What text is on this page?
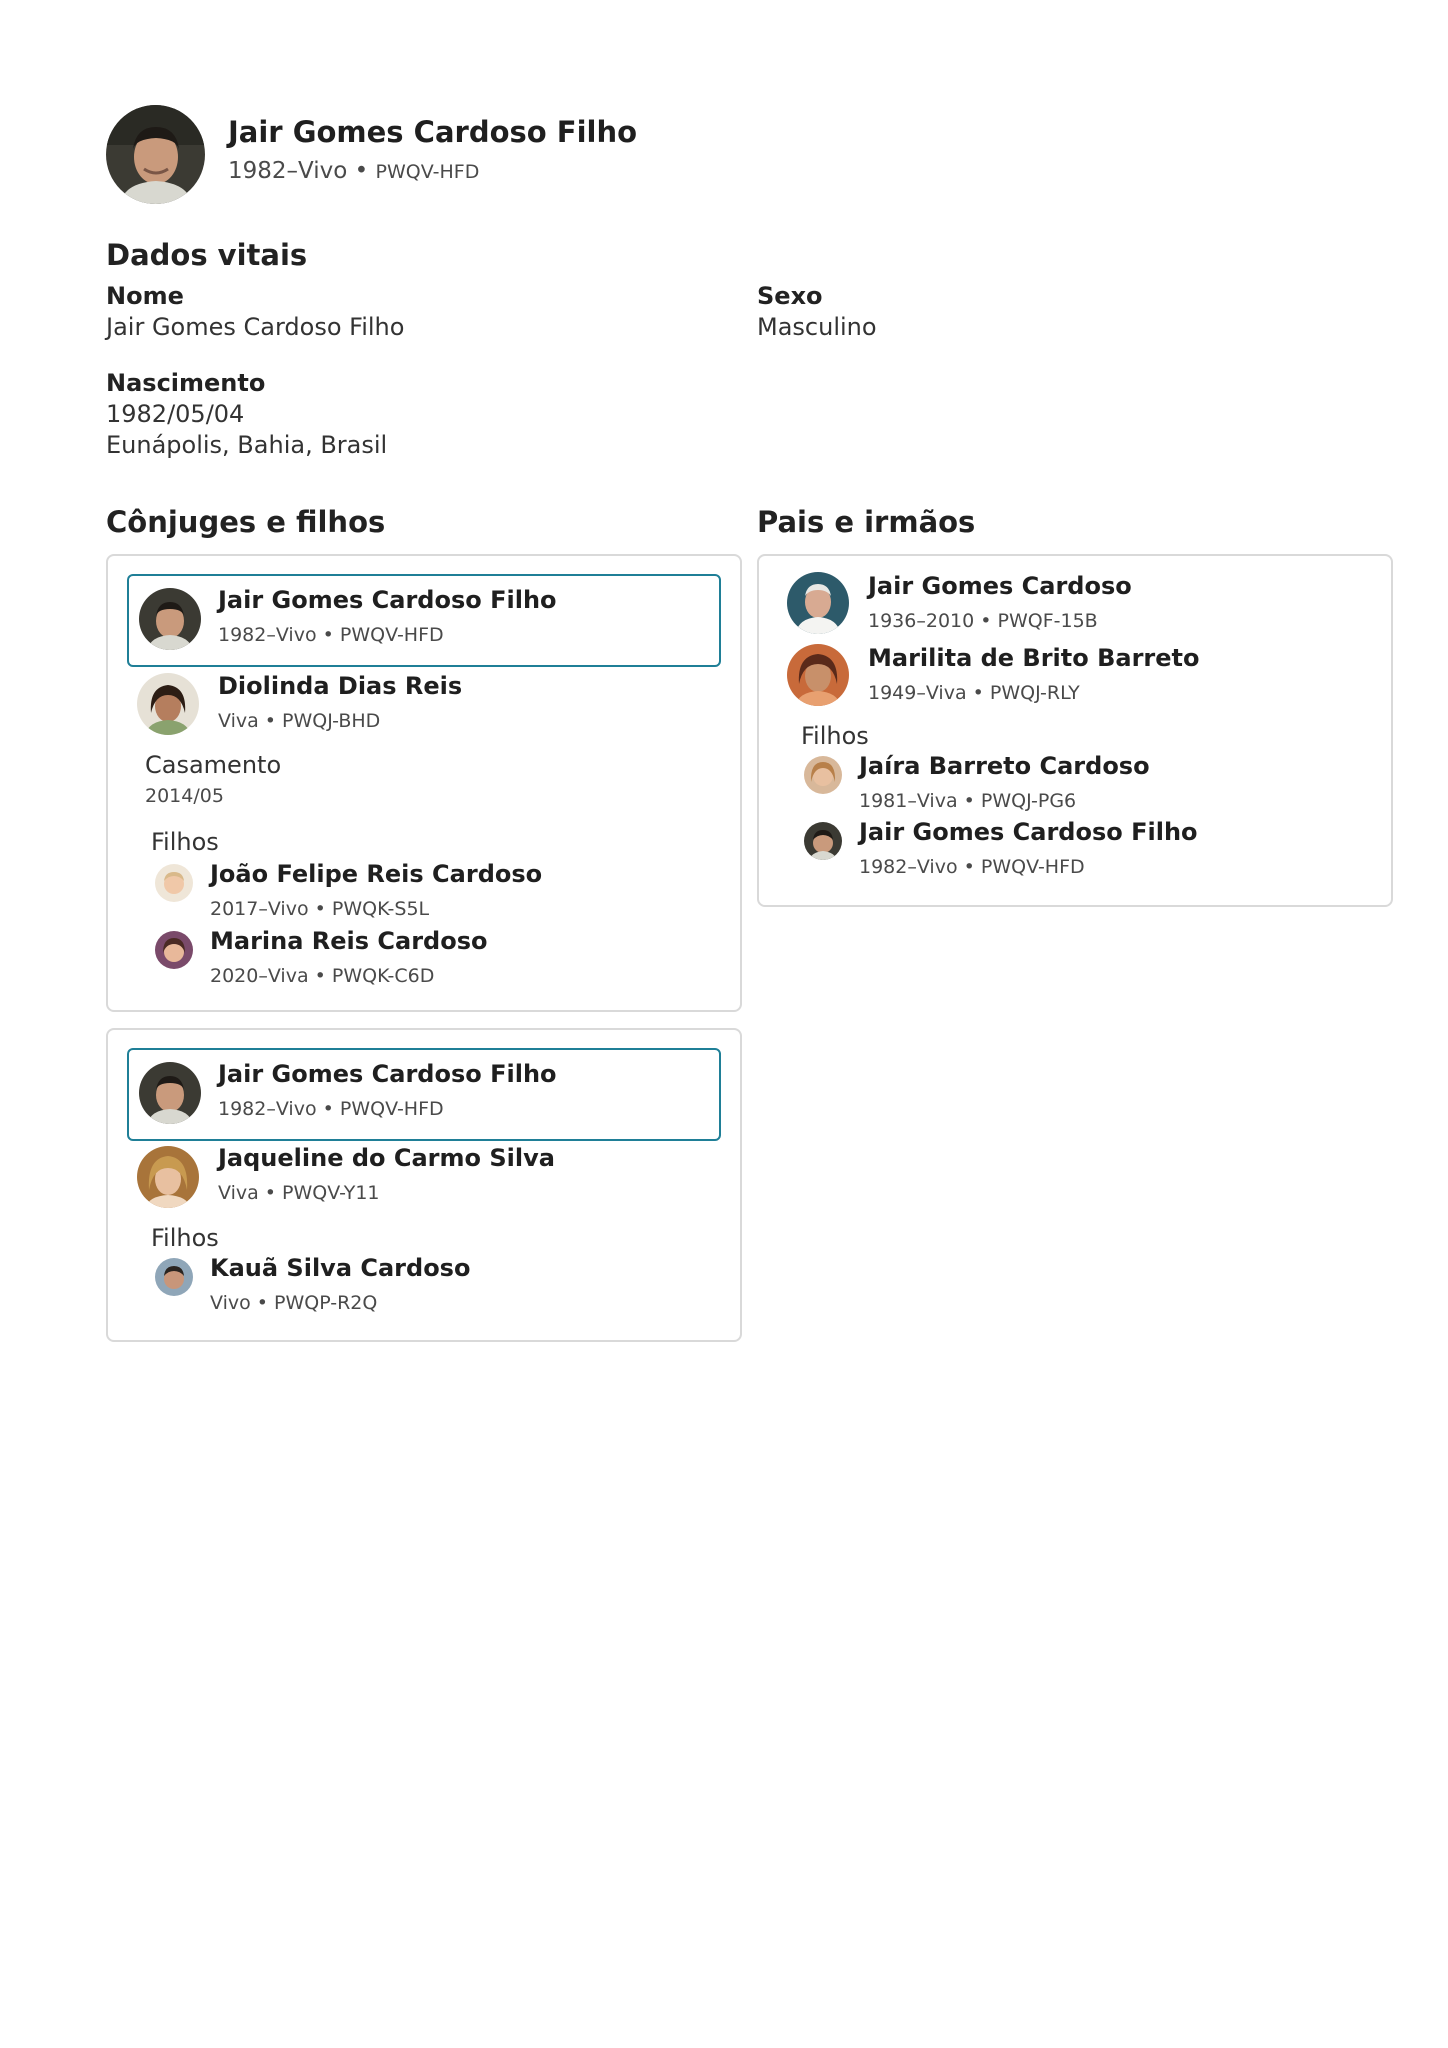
Jair Gomes Cardoso Filho
1982–Vivo • PWQV-HFD
Dados vitais
Nome
Jair Gomes Cardoso Filho
Sexo
Masculino
Nascimento
1982/05/04
Eunápolis, Bahia, Brasil
Cônjuges e filhos
Jair Gomes Cardoso Filho
1982–Vivo • PWQV-HFD
Diolinda Dias Reis
Viva • PWQJ-BHD
Casamento
2014/05
Filhos
João Felipe Reis Cardoso
2017–Vivo • PWQK-S5L
Marina Reis Cardoso
2020–Viva • PWQK-C6D
Jair Gomes Cardoso Filho
1982–Vivo • PWQV-HFD
Jaqueline do Carmo Silva
Viva • PWQV-Y11
Filhos
Kauã Silva Cardoso
Vivo • PWQP-R2Q
Pais e irmãos
Jair Gomes Cardoso
1936–2010 • PWQF-15B
Marilita de Brito Barreto
1949–Viva • PWQJ-RLY
Filhos
Jaíra Barreto Cardoso
1981–Viva • PWQJ-PG6
Jair Gomes Cardoso Filho
1982–Vivo • PWQV-HFD
